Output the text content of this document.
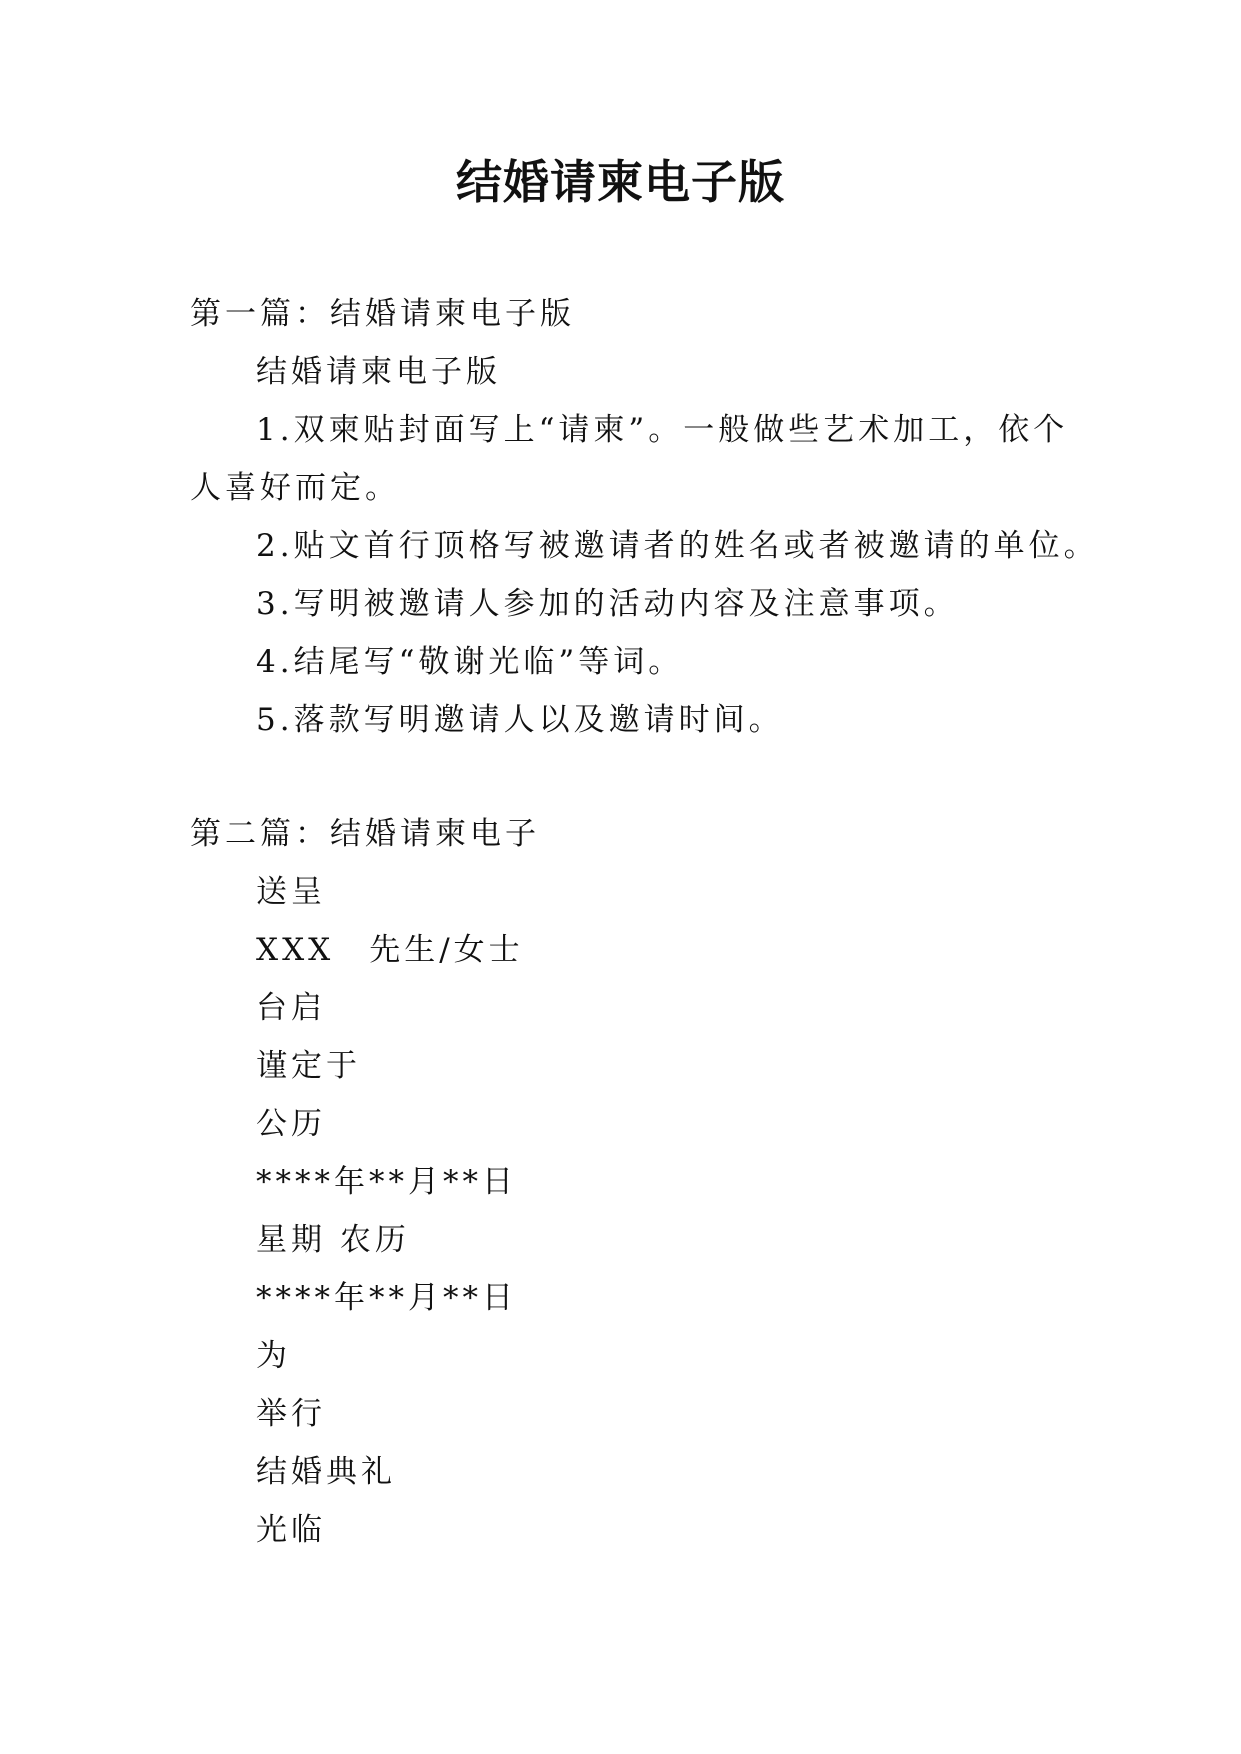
结婚请柬电子版
第一篇：结婚请柬电子版
结婚请柬电子版
1.双柬贴封面写上“请柬”。一般做些艺术加工，依个
人喜好而定。
2.贴文首行顶格写被邀请者的姓名或者被邀请的单位。
3.写明被邀请人参加的活动内容及注意事项。
4.结尾写“敬谢光临”等词。
5.落款写明邀请人以及邀请时间。
第二篇：结婚请柬电子
送呈
XXX　先生/女士
台启
谨定于
公历
****年**月**日
星期 农历
****年**月**日
为
举行
结婚典礼
光临
